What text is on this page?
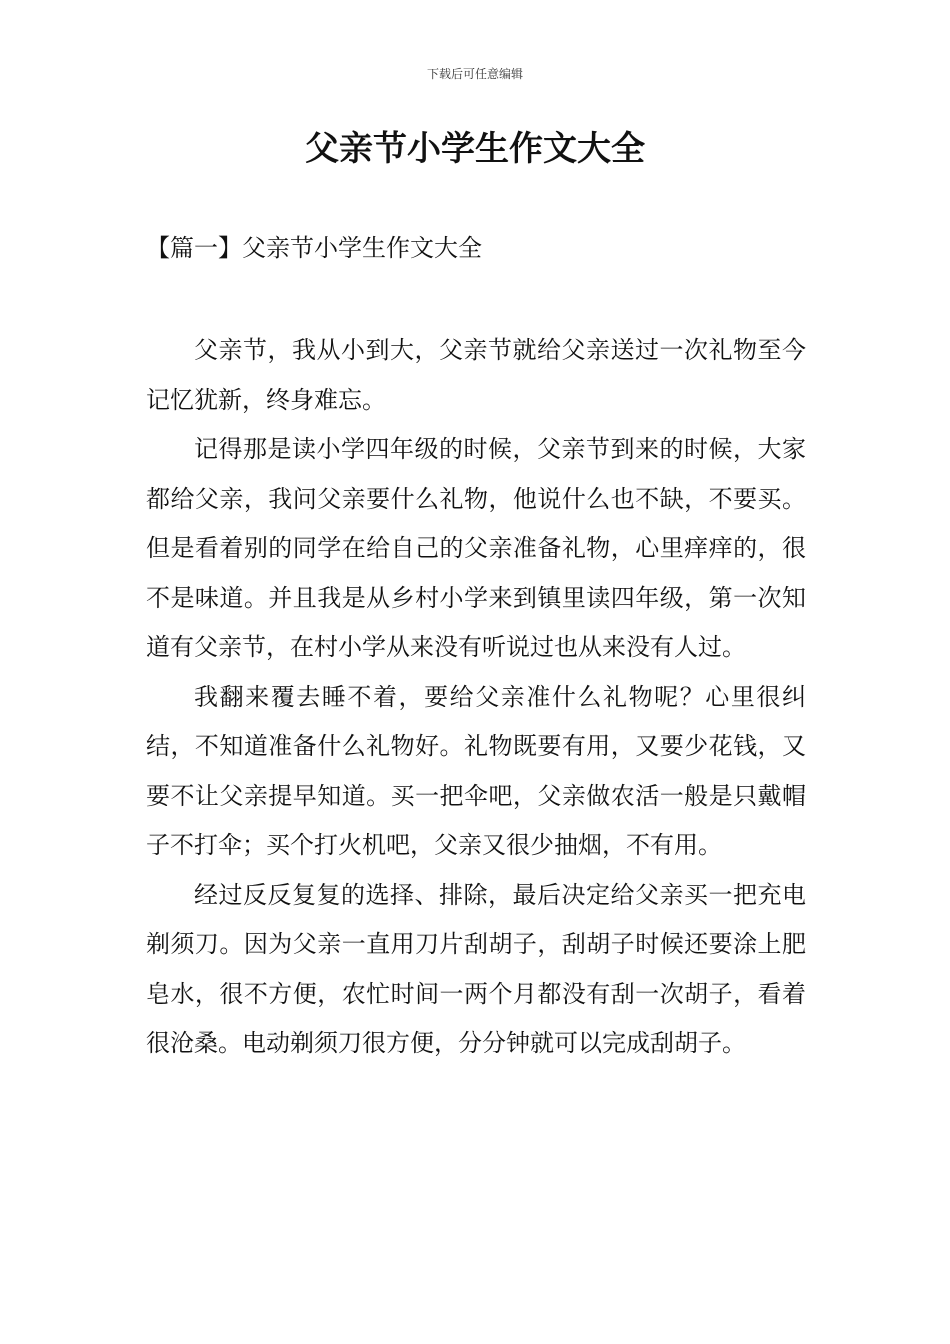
下载后可任意编辑
父亲节小学生作文大全
【篇一】父亲节小学生作文大全

父亲节，我从小到大，父亲节就给父亲送过一次礼物至今记忆犹新，终身难忘。

记得那是读小学四年级的时候，父亲节到来的时候，大家都给父亲，我问父亲要什么礼物，他说什么也不缺，不要买。但是看着别的同学在给自己的父亲准备礼物，心里痒痒的，很不是味道。并且我是从乡村小学来到镇里读四年级，第一次知道有父亲节，在村小学从来没有听说过也从来没有人过。

我翻来覆去睡不着，要给父亲准什么礼物呢？心里很纠结，不知道准备什么礼物好。礼物既要有用，又要少花钱，又要不让父亲提早知道。买一把伞吧，父亲做农活一般是只戴帽子不打伞；买个打火机吧，父亲又很少抽烟，不有用。

经过反反复复的选择、排除，最后决定给父亲买一把充电剃须刀。因为父亲一直用刀片刮胡子，刮胡子时候还要涂上肥皂水，很不方便，农忙时间一两个月都没有刮一次胡子，看着很沧桑。电动剃须刀很方便，分分钟就可以完成刮胡子。
